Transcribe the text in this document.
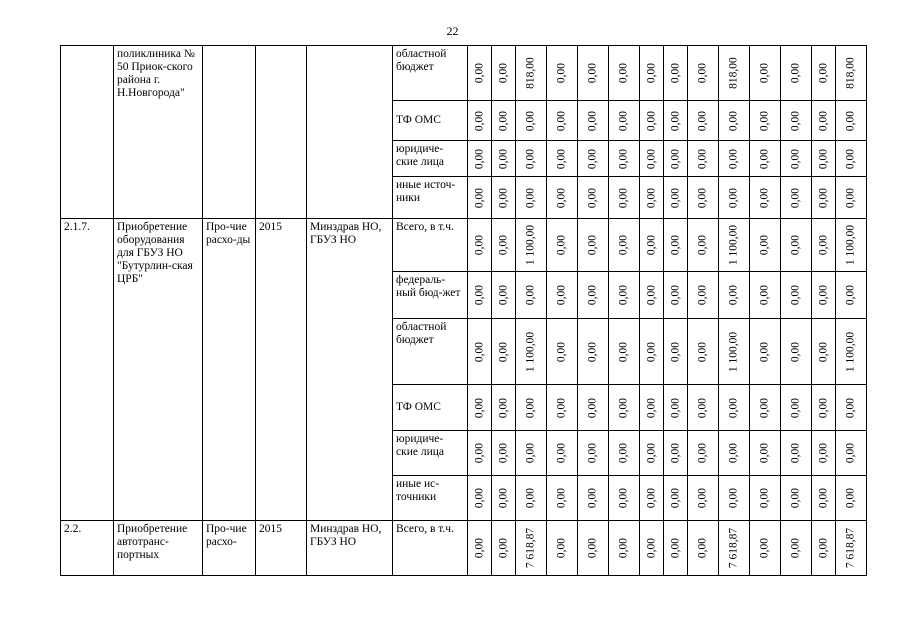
22
	поликлиника № 50 Приок-ского района г. Н.Новгорода"				областной бюджет	0,00	0,00	818,00	0,00	0,00	0,00	0,00	0,00	0,00	818,00	0,00	0,00	0,00	818,00

					ТФ ОМС	0,00	0,00	0,00	0,00	0,00	0,00	0,00	0,00	0,00	0,00	0,00	0,00	0,00	0,00

					юридиче-ские лица	0,00	0,00	0,00	0,00	0,00	0,00	0,00	0,00	0,00	0,00	0,00	0,00	0,00	0,00

					иные источ-ники	0,00	0,00	0,00	0,00	0,00	0,00	0,00	0,00	0,00	0,00	0,00	0,00	0,00	0,00

2.1.7.	Приобретение оборудования для ГБУЗ НО "Бутурлин-ская ЦРБ"	Про-чие расхо-ды	2015	Минздрав НО, ГБУЗ НО	Всего, в т.ч.	0,00	0,00	1 100,00	0,00	0,00	0,00	0,00	0,00	0,00	1 100,00	0,00	0,00	0,00	1 100,00

					федераль-ный бюд-жет	0,00	0,00	0,00	0,00	0,00	0,00	0,00	0,00	0,00	0,00	0,00	0,00	0,00	0,00

					областной бюджет	0,00	0,00	1 100,00	0,00	0,00	0,00	0,00	0,00	0,00	1 100,00	0,00	0,00	0,00	1 100,00

					ТФ ОМС	0,00	0,00	0,00	0,00	0,00	0,00	0,00	0,00	0,00	0,00	0,00	0,00	0,00	0,00

					юридиче-ские лица	0,00	0,00	0,00	0,00	0,00	0,00	0,00	0,00	0,00	0,00	0,00	0,00	0,00	0,00

					иные ис-точники	0,00	0,00	0,00	0,00	0,00	0,00	0,00	0,00	0,00	0,00	0,00	0,00	0,00	0,00

2.2.	Приобретение автотранс-портных	Про-чие расхо-	2015	Минздрав НО, ГБУЗ НО	Всего, в т.ч.	0,00	0,00	7 618,87	0,00	0,00	0,00	0,00	0,00	0,00	7 618,87	0,00	0,00	0,00	7 618,87
